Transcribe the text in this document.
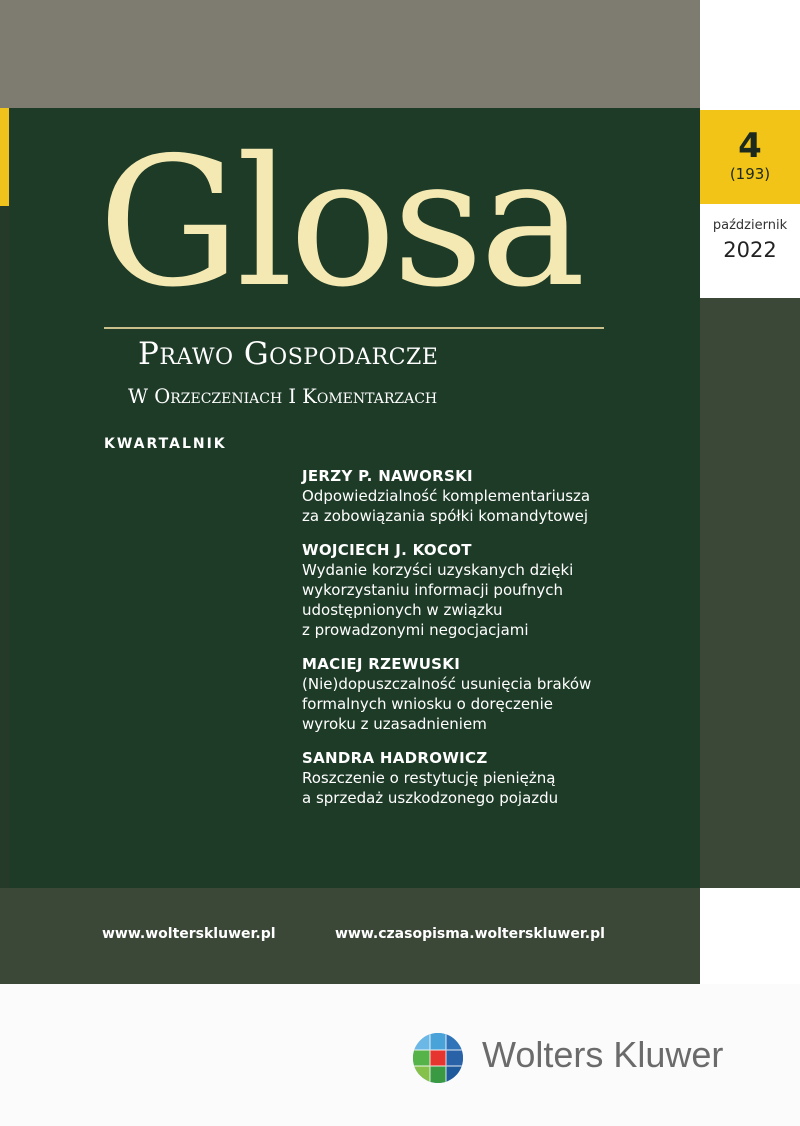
4
(193)
październik
2022
Glosa
Prawo Gospodarcze
W Orzeczeniach I Komentarzach
KWARTALNIK
JERZY P. NAWORSKI
Odpowiedzialność komplementariusza
za zobowiązania spółki komandytowej
WOJCIECH J. KOCOT
Wydanie korzyści uzyskanych dzięki
wykorzystaniu informacji poufnych
udostępnionych w związku
z prowadzonymi negocjacjami
MACIEJ RZEWUSKI
(Nie)dopuszczalność usunięcia braków
formalnych wniosku o doręczenie
wyroku z uzasadnieniem
SANDRA HADROWICZ
Roszczenie o restytucję pieniężną
a sprzedaż uszkodzonego pojazdu
www.wolterskluwer.pl	www.czasopisma.wolterskluwer.pl
Wolters Kluwer
